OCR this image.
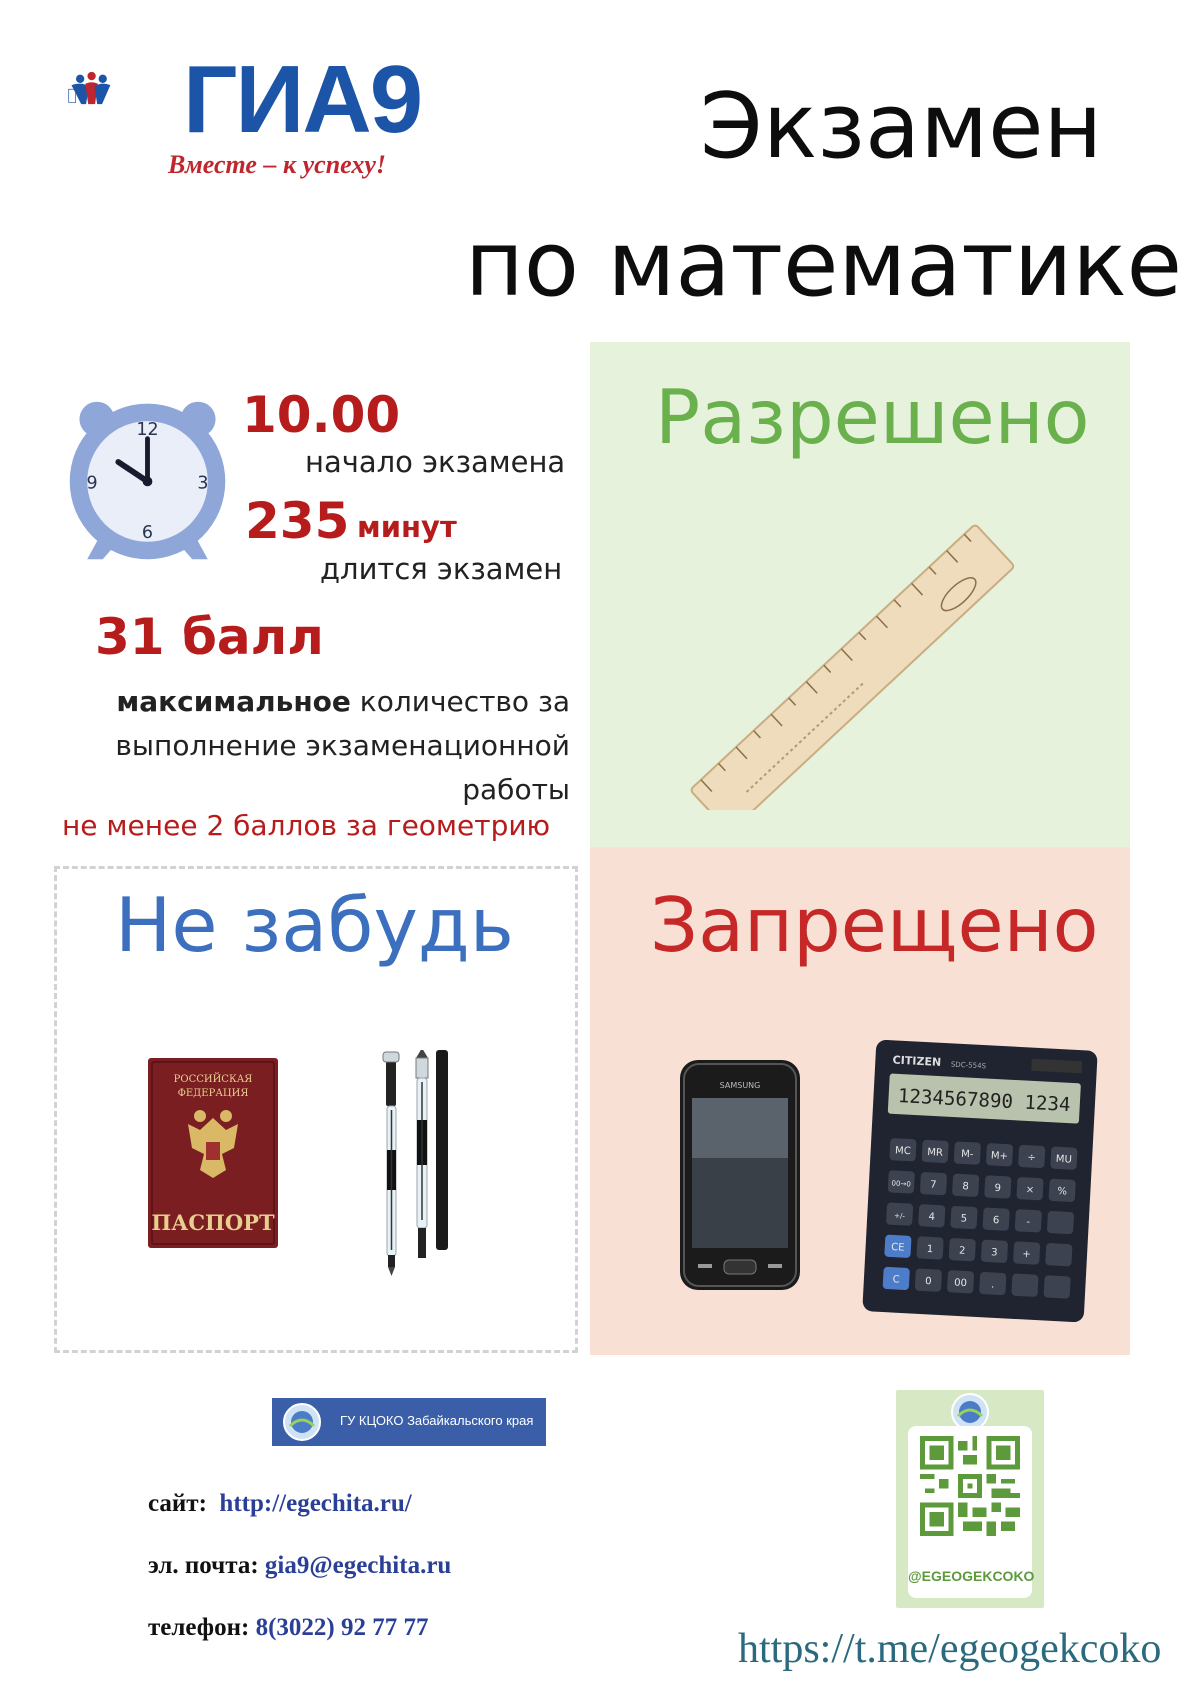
ГИА9
Вместе – к успеху!	Экзамен
по математике
Разрешено
Запрещено
Не забудь
12
3
6
9
10.00
начало экзамена
235 минут
длится экзамен
31 балл
максимальное количество за выполнение экзаменационной работы
не менее 2 баллов за геометрию
РОССИЙСКАЯ
ФЕДЕРАЦИЯ
ПАСПОРТ
SAMSUNG
CITIZEN SDC-554S
1234567890 1234
MC MR M- M+ ÷ MU
00→0 7	8	9 × %
+/- 4	5	6	-
CE 1	2	3 +
C 0 00 .
ГУ КЦОКО Забайкальского края
сайт: http://egechita.ru/
эл. почта: gia9@egechita.ru
телефон: 8(3022) 92 77 77
@EGEOGEKCOKO
https://t.me/egeogekcoko
